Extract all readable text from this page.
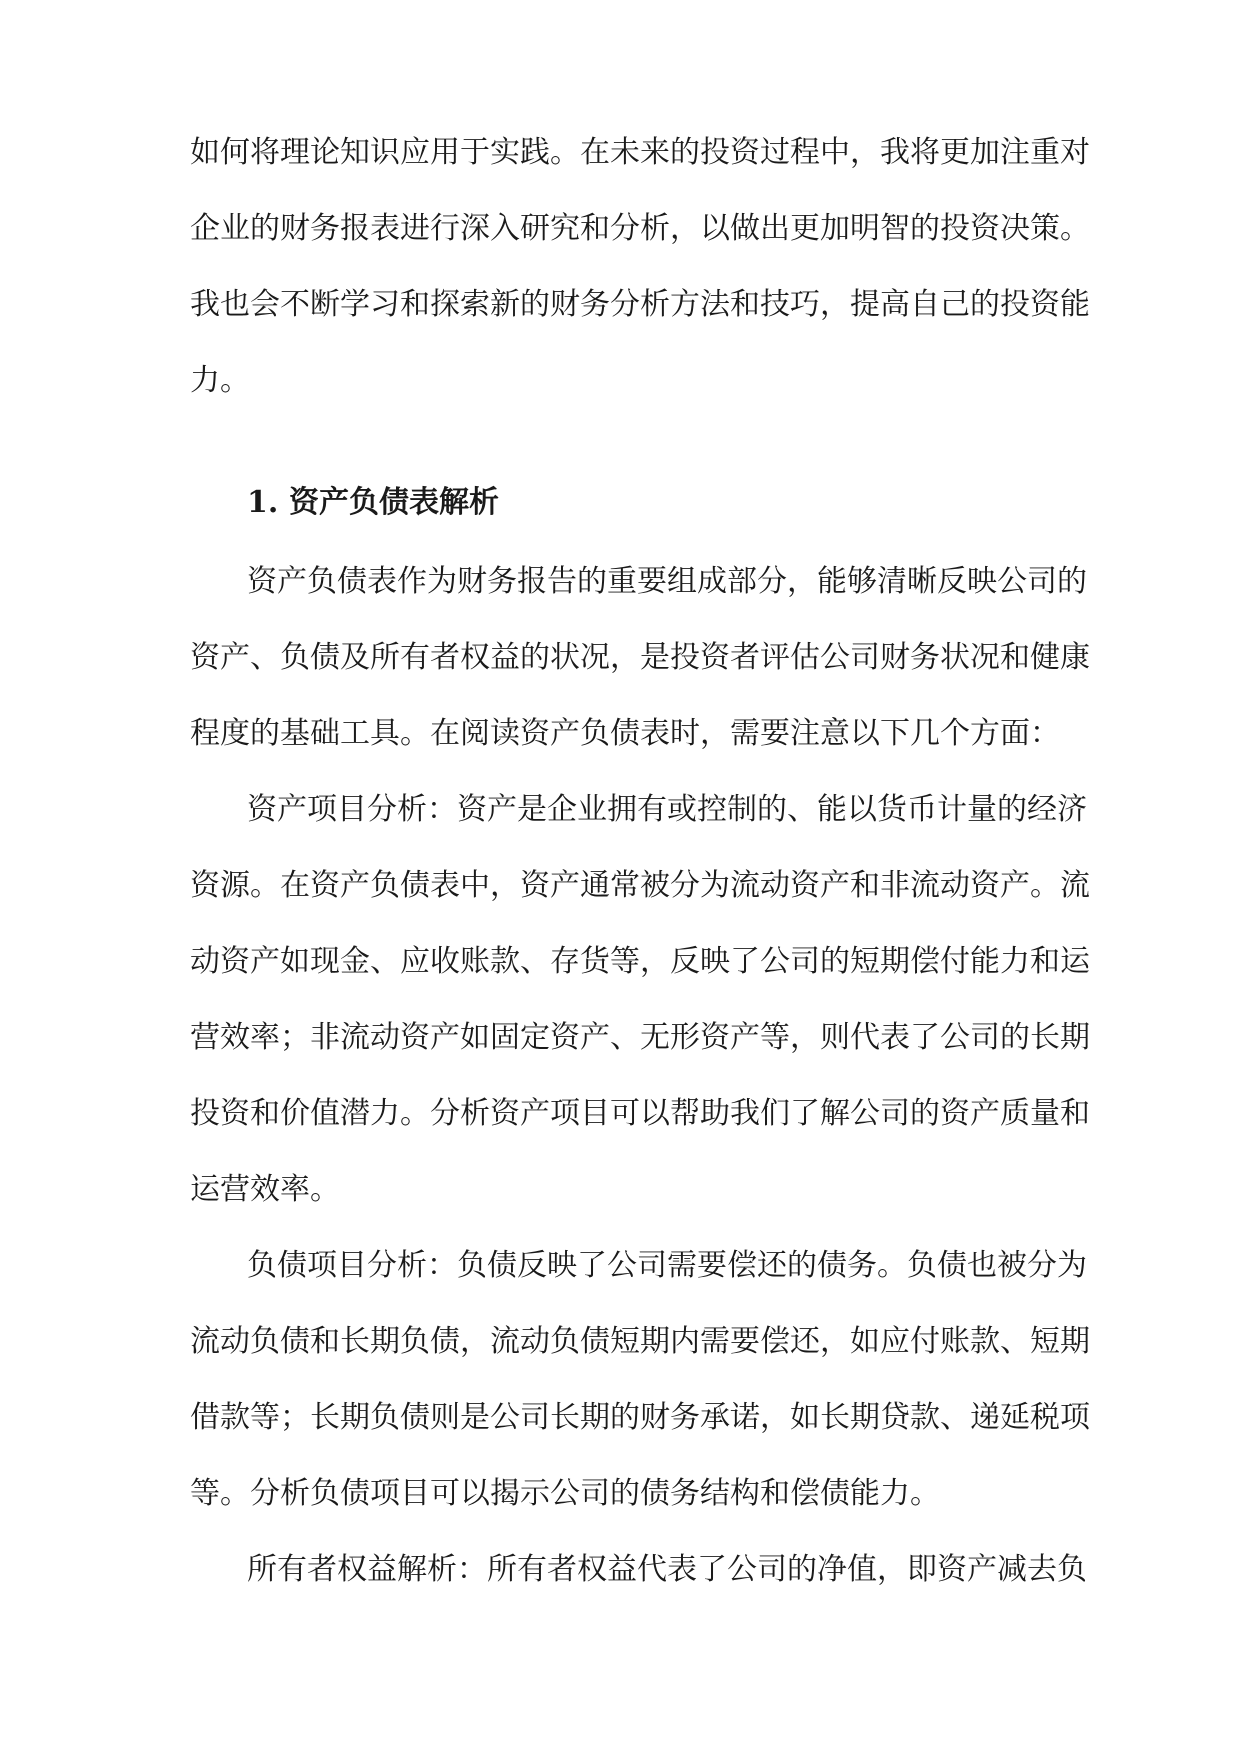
如何将理论知识应用于实践。在未来的投资过程中，我将更加注重对
企业的财务报表进行深入研究和分析，以做出更加明智的投资决策。
我也会不断学习和探索新的财务分析方法和技巧，提高自己的投资能
力。
1. 资产负债表解析
资产负债表作为财务报告的重要组成部分，能够清晰反映公司的
资产、负债及所有者权益的状况，是投资者评估公司财务状况和健康
程度的基础工具。在阅读资产负债表时，需要注意以下几个方面：
资产项目分析：资产是企业拥有或控制的、能以货币计量的经济
资源。在资产负债表中，资产通常被分为流动资产和非流动资产。流
动资产如现金、应收账款、存货等，反映了公司的短期偿付能力和运
营效率；非流动资产如固定资产、无形资产等，则代表了公司的长期
投资和价值潜力。分析资产项目可以帮助我们了解公司的资产质量和
运营效率。
负债项目分析：负债反映了公司需要偿还的债务。负债也被分为
流动负债和长期负债，流动负债短期内需要偿还，如应付账款、短期
借款等；长期负债则是公司长期的财务承诺，如长期贷款、递延税项
等。分析负债项目可以揭示公司的债务结构和偿债能力。
所有者权益解析：所有者权益代表了公司的净值，即资产减去负
